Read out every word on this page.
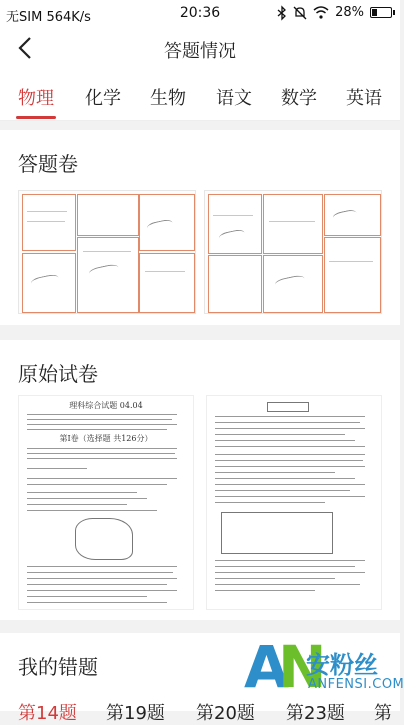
无SIM 564K/s	20:36	28%
答题情况
物理 化学 生物 语文 数学 英语
答题卷
原始试卷
理科综合试题 04.04
第Ⅰ卷（选择题 共126分）
我的错题
第14题 第19题 第20题 第23题 第
A
N
安粉丝
ANFENSI.COM
